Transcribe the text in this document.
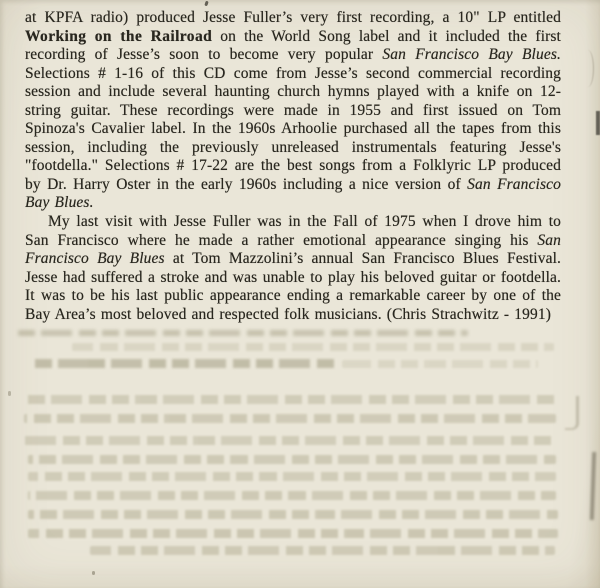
at KPFA radio) produced Jesse Fuller’s very first recording, a 10" LP entitled Working on the Railroad on the World Song label and it included the first recording of Jesse’s soon to become very popular San Francisco Bay Blues. Selections # 1-16 of this CD come from Jesse’s second commercial recording session and include several haunting church hymns played with a knife on 12-string guitar. These recordings were made in 1955 and first issued on Tom Spinoza's Cavalier label. In the 1960s Arhoolie purchased all the tapes from this session, including the previously unreleased instrumentals featuring Jesse's "footdella." Selections # 17-22 are the best songs from a Folklyric LP produced by Dr. Harry Oster in the early 1960s including a nice version of San Francisco Bay Blues.

My last visit with Jesse Fuller was in the Fall of 1975 when I drove him to San Francisco where he made a rather emotional appearance singing his San Francisco Bay Blues at Tom Mazzolini’s annual San Francisco Blues Festival. Jesse had suffered a stroke and was unable to play his beloved guitar or footdella. It was to be his last public appearance ending a remarkable career by one of the Bay Area’s most beloved and respected folk musicians. (Chris Strachwitz - 1991)
